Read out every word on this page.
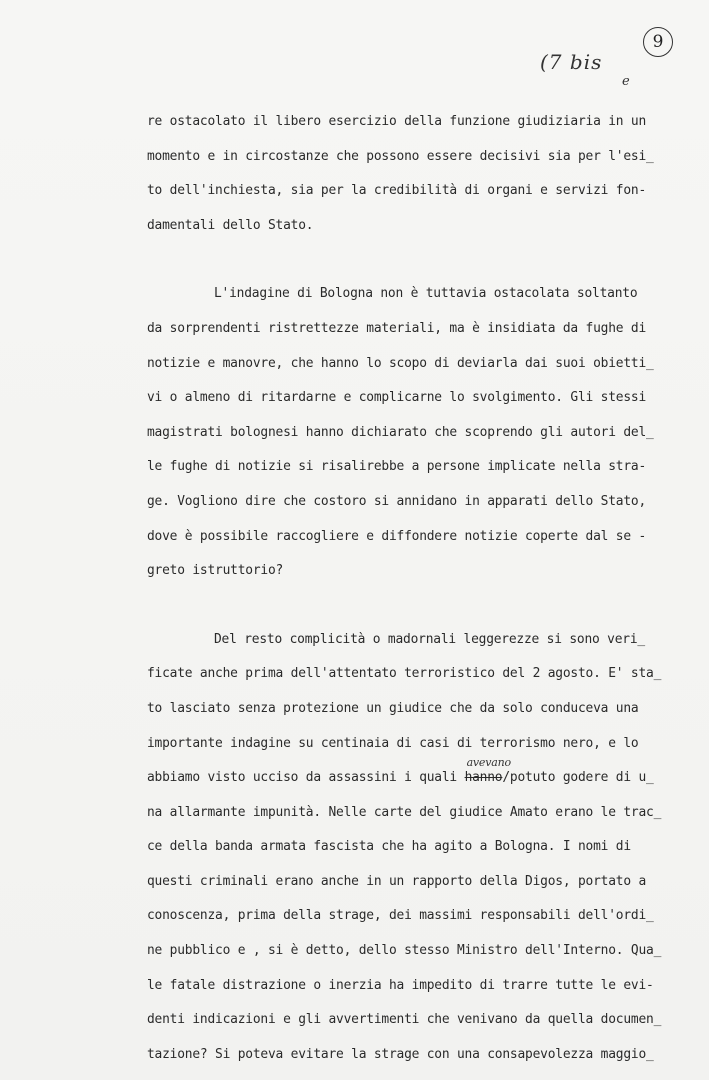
9
(7 bis
e
re ostacolato il libero esercizio della funzione giudiziaria in un
momento e in circostanze che possono essere decisivi sia per l'esi_
to dell'inchiesta, sia per la credibilità di organi e servizi fon-
damentali dello Stato.
L'indagine di Bologna non è tuttavia ostacolata soltanto
da sorprendenti ristrettezze materiali, ma è insidiata da fughe di
notizie e manovre, che hanno lo scopo di deviarla dai suoi obietti_
vi o almeno di ritardarne e complicarne lo svolgimento. Gli stessi
magistrati bolognesi hanno dichiarato che scoprendo gli autori del_
le fughe di notizie si risalirebbe a persone implicate nella stra-
ge. Vogliono dire che costoro si annidano in apparati dello Stato,
dove è possibile raccogliere e diffondere notizie coperte dal se -
greto istruttorio?
Del resto complicità o madornali leggerezze si sono veri_
ficate anche prima dell'attentato terroristico del 2 agosto. E' sta_
to lasciato senza protezione un giudice che da solo conduceva una
importante indagine su centinaia di casi di terrorismo nero, e lo
abbiamo visto ucciso da assassini i quali
avevano
hanno/potuto godere di u_
na allarmante impunità. Nelle carte del giudice Amato erano le trac_
ce della banda armata fascista che ha agito a Bologna. I nomi di
questi criminali erano anche in un rapporto della Digos, portato a
conoscenza, prima della strage, dei massimi responsabili dell'ordi_
ne pubblico e , si è detto, dello stesso Ministro dell'Interno. Qua_
le fatale distrazione o inerzia ha impedito di trarre tutte le evi-
denti indicazioni e gli avvertimenti che venivano da quella documen_
tazione? Si poteva evitare la strage con una consapevolezza maggio_
